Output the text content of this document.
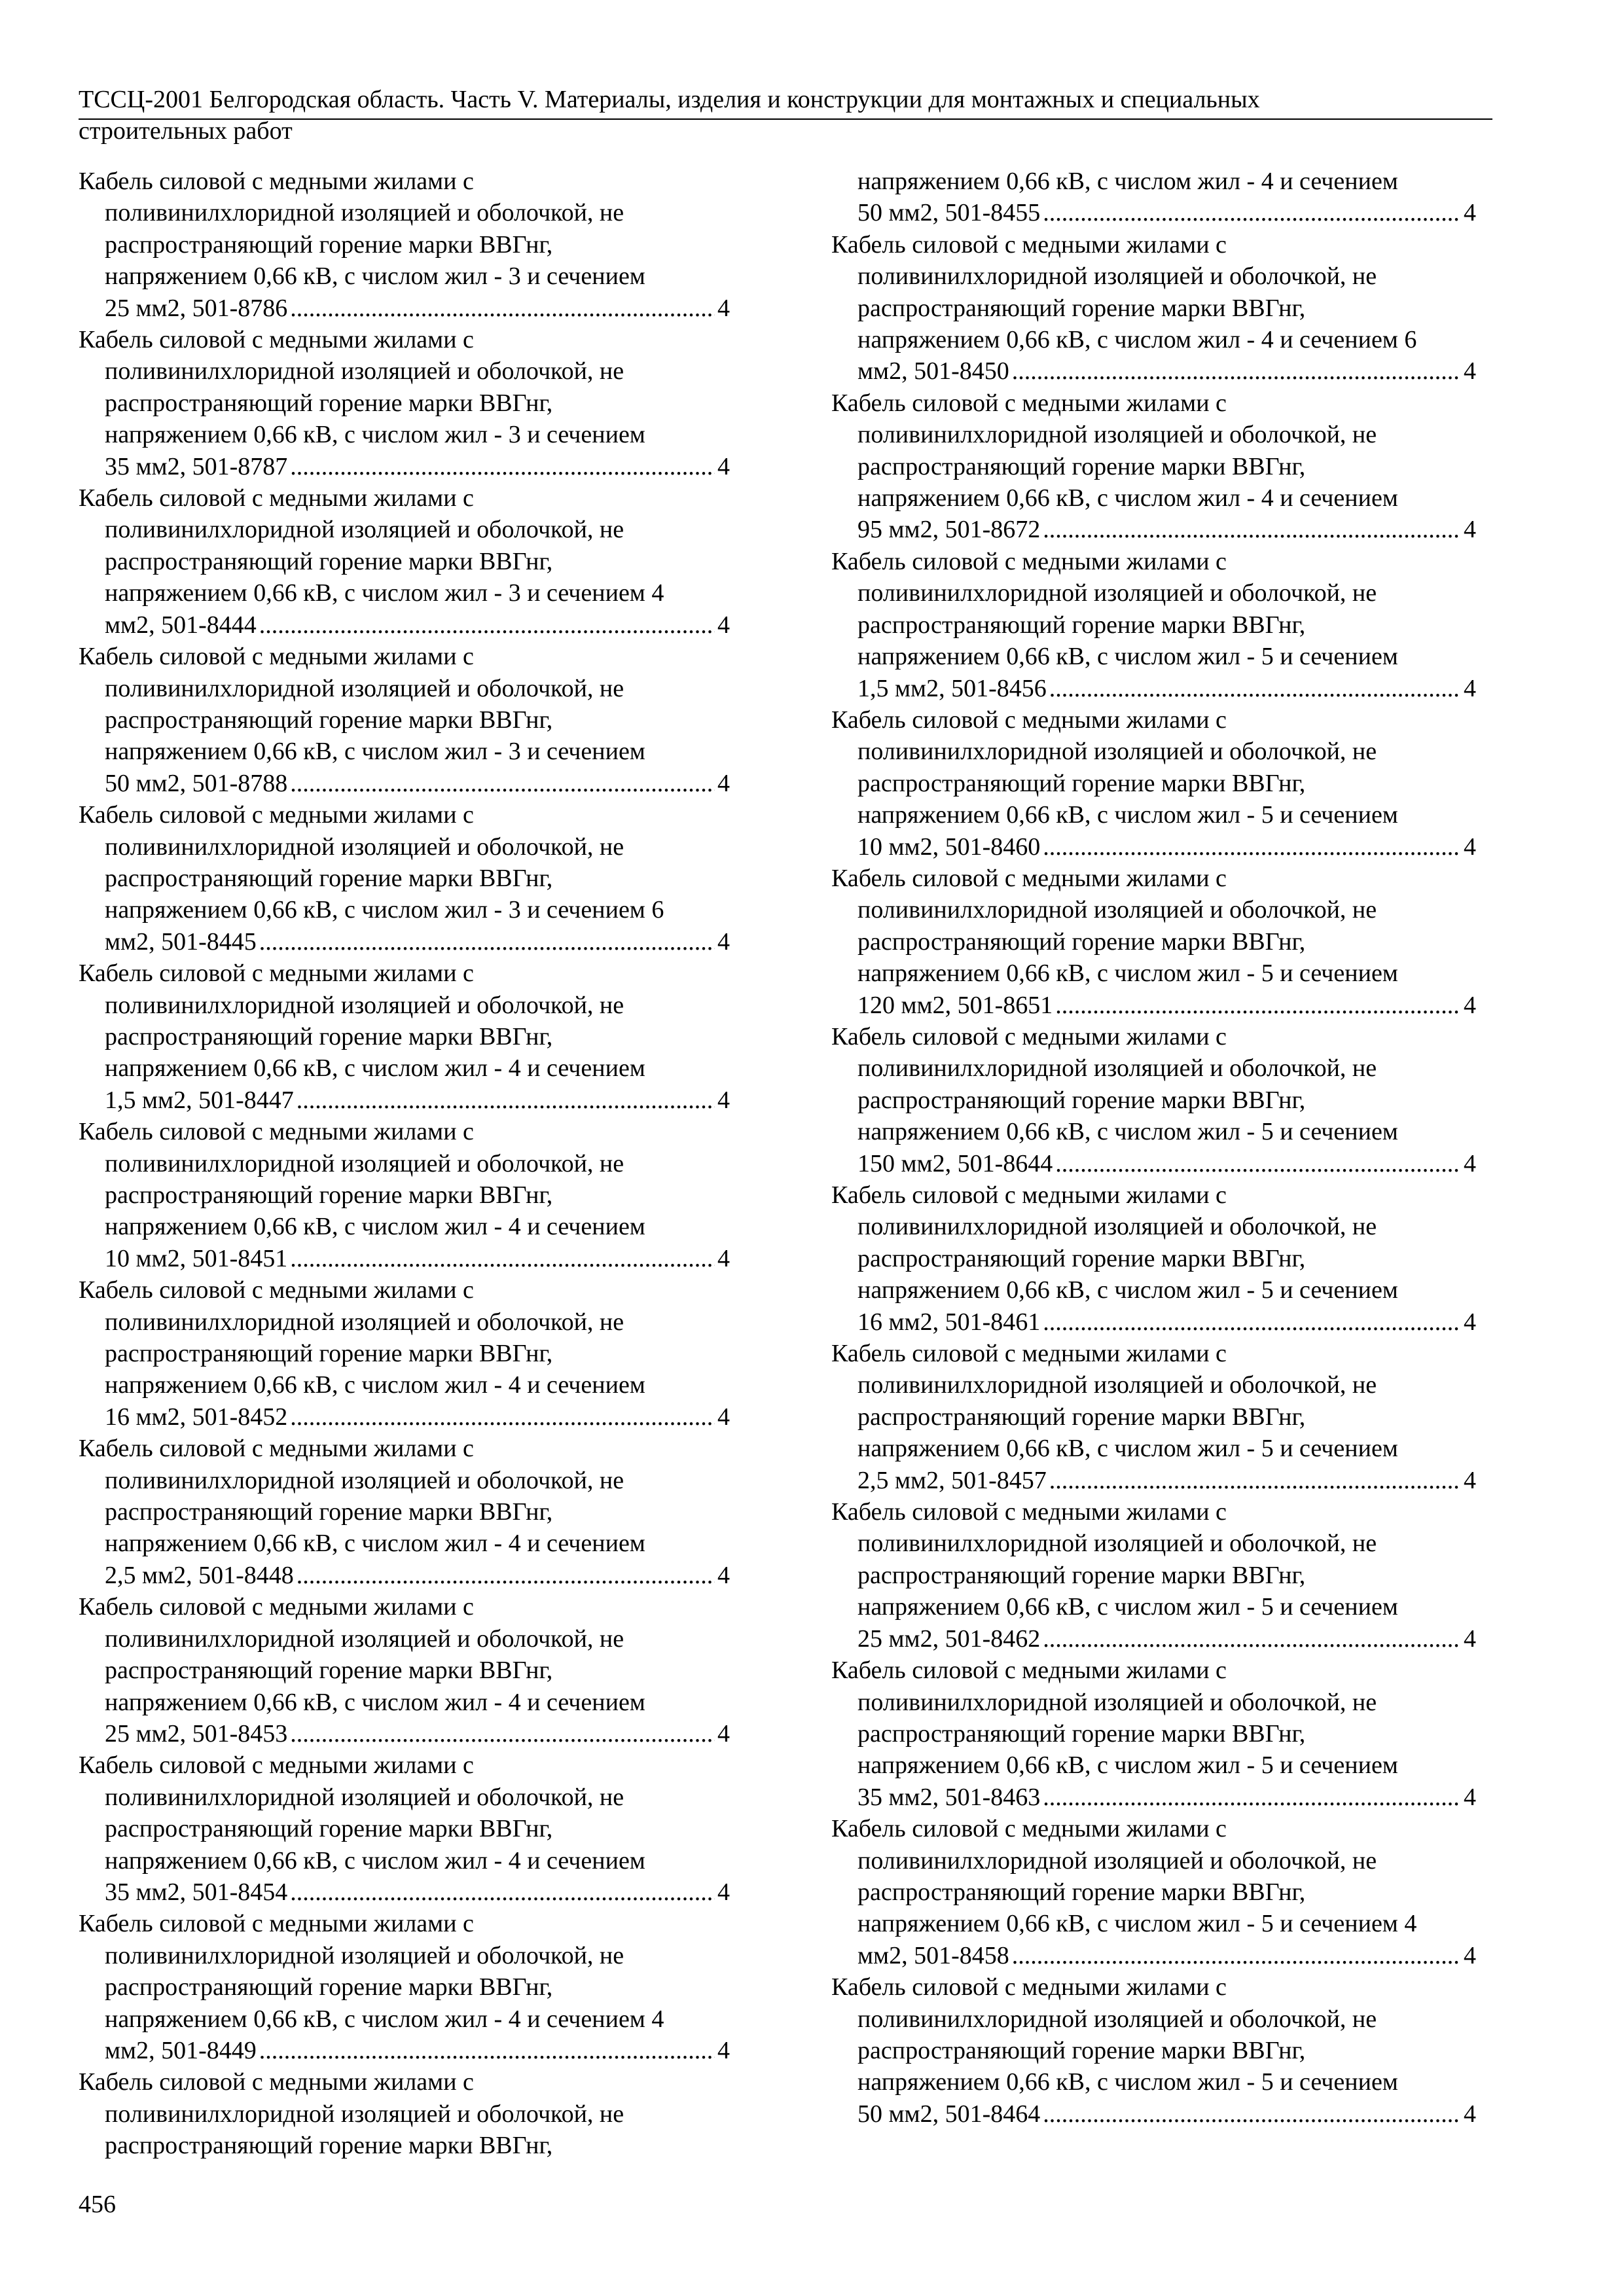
ТССЦ-2001 Белгородская область. Часть V. Материалы, изделия и конструкции для монтажных и специальных
строительных работ
Кабель силовой с медными жилами с
поливинилхлоридной изоляцией и оболочкой, не
распространяющий горение марки ВВГнг,
напряжением 0,66 кВ, с числом жил - 3 и сечением
25 мм2, 501-8786 .....	4
Кабель силовой с медными жилами с
поливинилхлоридной изоляцией и оболочкой, не
распространяющий горение марки ВВГнг,
напряжением 0,66 кВ, с числом жил - 3 и сечением
35 мм2, 501-8787 .....	4
Кабель силовой с медными жилами с
поливинилхлоридной изоляцией и оболочкой, не
распространяющий горение марки ВВГнг,
напряжением 0,66 кВ, с числом жил - 3 и сечением 4
мм2, 501-8444 .....	4
Кабель силовой с медными жилами с
поливинилхлоридной изоляцией и оболочкой, не
распространяющий горение марки ВВГнг,
напряжением 0,66 кВ, с числом жил - 3 и сечением
50 мм2, 501-8788 .....	4
Кабель силовой с медными жилами с
поливинилхлоридной изоляцией и оболочкой, не
распространяющий горение марки ВВГнг,
напряжением 0,66 кВ, с числом жил - 3 и сечением 6
мм2, 501-8445 .....	4
Кабель силовой с медными жилами с
поливинилхлоридной изоляцией и оболочкой, не
распространяющий горение марки ВВГнг,
напряжением 0,66 кВ, с числом жил - 4 и сечением
1,5 мм2, 501-8447 .....	4
Кабель силовой с медными жилами с
поливинилхлоридной изоляцией и оболочкой, не
распространяющий горение марки ВВГнг,
напряжением 0,66 кВ, с числом жил - 4 и сечением
10 мм2, 501-8451 .....	4
Кабель силовой с медными жилами с
поливинилхлоридной изоляцией и оболочкой, не
распространяющий горение марки ВВГнг,
напряжением 0,66 кВ, с числом жил - 4 и сечением
16 мм2, 501-8452 .....	4
Кабель силовой с медными жилами с
поливинилхлоридной изоляцией и оболочкой, не
распространяющий горение марки ВВГнг,
напряжением 0,66 кВ, с числом жил - 4 и сечением
2,5 мм2, 501-8448 .....	4
Кабель силовой с медными жилами с
поливинилхлоридной изоляцией и оболочкой, не
распространяющий горение марки ВВГнг,
напряжением 0,66 кВ, с числом жил - 4 и сечением
25 мм2, 501-8453 .....	4
Кабель силовой с медными жилами с
поливинилхлоридной изоляцией и оболочкой, не
распространяющий горение марки ВВГнг,
напряжением 0,66 кВ, с числом жил - 4 и сечением
35 мм2, 501-8454 .....	4
Кабель силовой с медными жилами с
поливинилхлоридной изоляцией и оболочкой, не
распространяющий горение марки ВВГнг,
напряжением 0,66 кВ, с числом жил - 4 и сечением 4
мм2, 501-8449 .....	4
Кабель силовой с медными жилами с
поливинилхлоридной изоляцией и оболочкой, не
распространяющий горение марки ВВГнг,
напряжением 0,66 кВ, с числом жил - 4 и сечением
50 мм2, 501-8455 .....	4
Кабель силовой с медными жилами с
поливинилхлоридной изоляцией и оболочкой, не
распространяющий горение марки ВВГнг,
напряжением 0,66 кВ, с числом жил - 4 и сечением 6
мм2, 501-8450 .....	4
Кабель силовой с медными жилами с
поливинилхлоридной изоляцией и оболочкой, не
распространяющий горение марки ВВГнг,
напряжением 0,66 кВ, с числом жил - 4 и сечением
95 мм2, 501-8672 .....	4
Кабель силовой с медными жилами с
поливинилхлоридной изоляцией и оболочкой, не
распространяющий горение марки ВВГнг,
напряжением 0,66 кВ, с числом жил - 5 и сечением
1,5 мм2, 501-8456 .....	4
Кабель силовой с медными жилами с
поливинилхлоридной изоляцией и оболочкой, не
распространяющий горение марки ВВГнг,
напряжением 0,66 кВ, с числом жил - 5 и сечением
10 мм2, 501-8460 .....	4
Кабель силовой с медными жилами с
поливинилхлоридной изоляцией и оболочкой, не
распространяющий горение марки ВВГнг,
напряжением 0,66 кВ, с числом жил - 5 и сечением
120 мм2, 501-8651 .....	4
Кабель силовой с медными жилами с
поливинилхлоридной изоляцией и оболочкой, не
распространяющий горение марки ВВГнг,
напряжением 0,66 кВ, с числом жил - 5 и сечением
150 мм2, 501-8644 .....	4
Кабель силовой с медными жилами с
поливинилхлоридной изоляцией и оболочкой, не
распространяющий горение марки ВВГнг,
напряжением 0,66 кВ, с числом жил - 5 и сечением
16 мм2, 501-8461 .....	4
Кабель силовой с медными жилами с
поливинилхлоридной изоляцией и оболочкой, не
распространяющий горение марки ВВГнг,
напряжением 0,66 кВ, с числом жил - 5 и сечением
2,5 мм2, 501-8457 .....	4
Кабель силовой с медными жилами с
поливинилхлоридной изоляцией и оболочкой, не
распространяющий горение марки ВВГнг,
напряжением 0,66 кВ, с числом жил - 5 и сечением
25 мм2, 501-8462 .....	4
Кабель силовой с медными жилами с
поливинилхлоридной изоляцией и оболочкой, не
распространяющий горение марки ВВГнг,
напряжением 0,66 кВ, с числом жил - 5 и сечением
35 мм2, 501-8463 .....	4
Кабель силовой с медными жилами с
поливинилхлоридной изоляцией и оболочкой, не
распространяющий горение марки ВВГнг,
напряжением 0,66 кВ, с числом жил - 5 и сечением 4
мм2, 501-8458 .....	4
Кабель силовой с медными жилами с
поливинилхлоридной изоляцией и оболочкой, не
распространяющий горение марки ВВГнг,
напряжением 0,66 кВ, с числом жил - 5 и сечением
50 мм2, 501-8464 .....	4
456
